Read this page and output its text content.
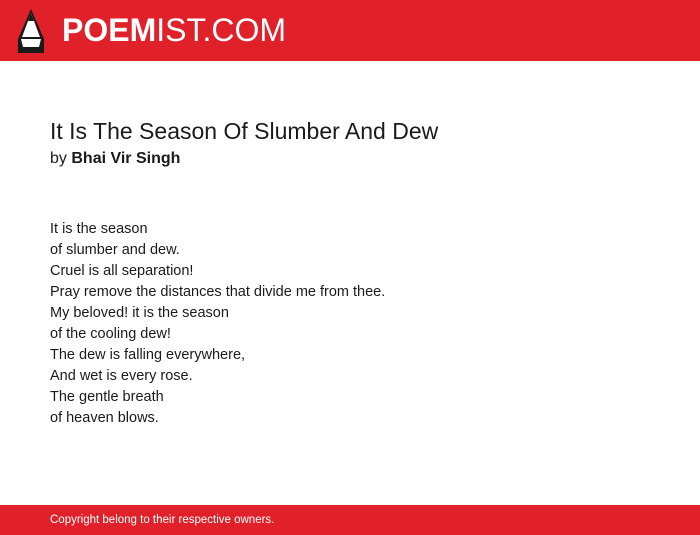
POEMIST.COM
It Is The Season Of Slumber And Dew
by Bhai Vir Singh
It is the season
of slumber and dew.
Cruel is all separation!
Pray remove the distances that divide me from thee.
My beloved! it is the season
of the cooling dew!
The dew is falling everywhere,
And wet is every rose.
The gentle breath
of heaven blows.
Copyright belong to their respective owners.
